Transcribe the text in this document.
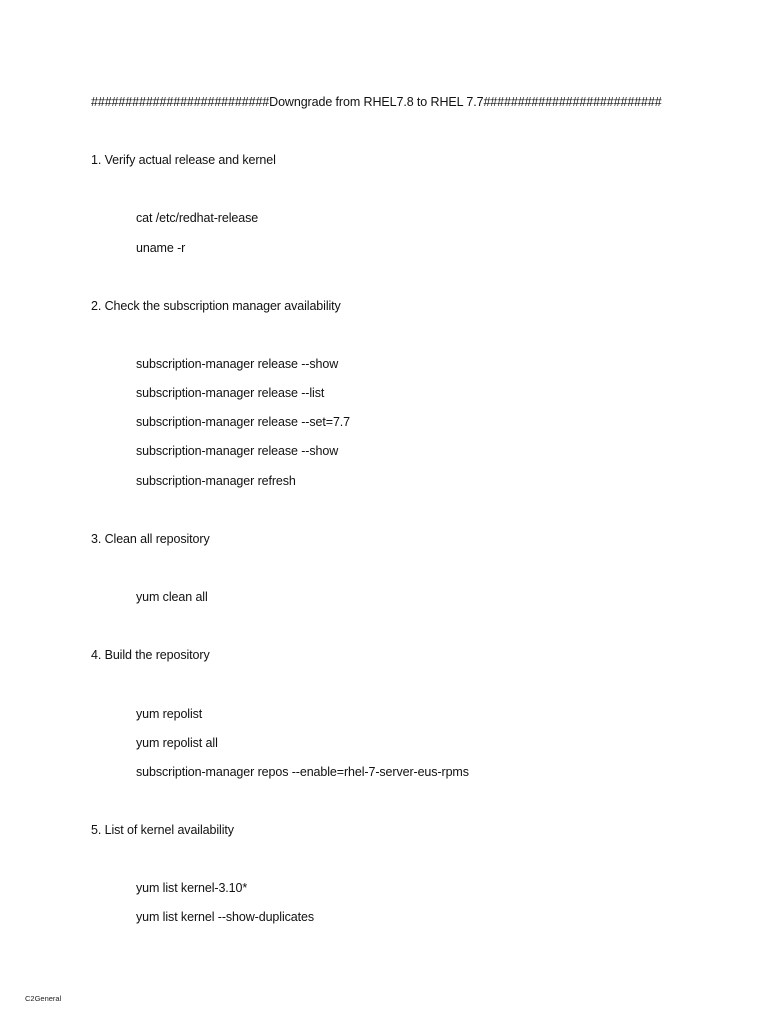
##########################Downgrade from RHEL7.8 to RHEL 7.7##########################
1. Verify actual release and kernel
cat /etc/redhat-release
uname -r
2. Check the subscription manager availability
subscription-manager release --show
subscription-manager release --list
subscription-manager release --set=7.7
subscription-manager release --show
subscription-manager refresh
3. Clean all repository
yum clean all
4. Build the repository
yum repolist
yum repolist all
subscription-manager repos --enable=rhel-7-server-eus-rpms
5. List of kernel availability
yum list kernel-3.10*
yum list kernel --show-duplicates
C2General
